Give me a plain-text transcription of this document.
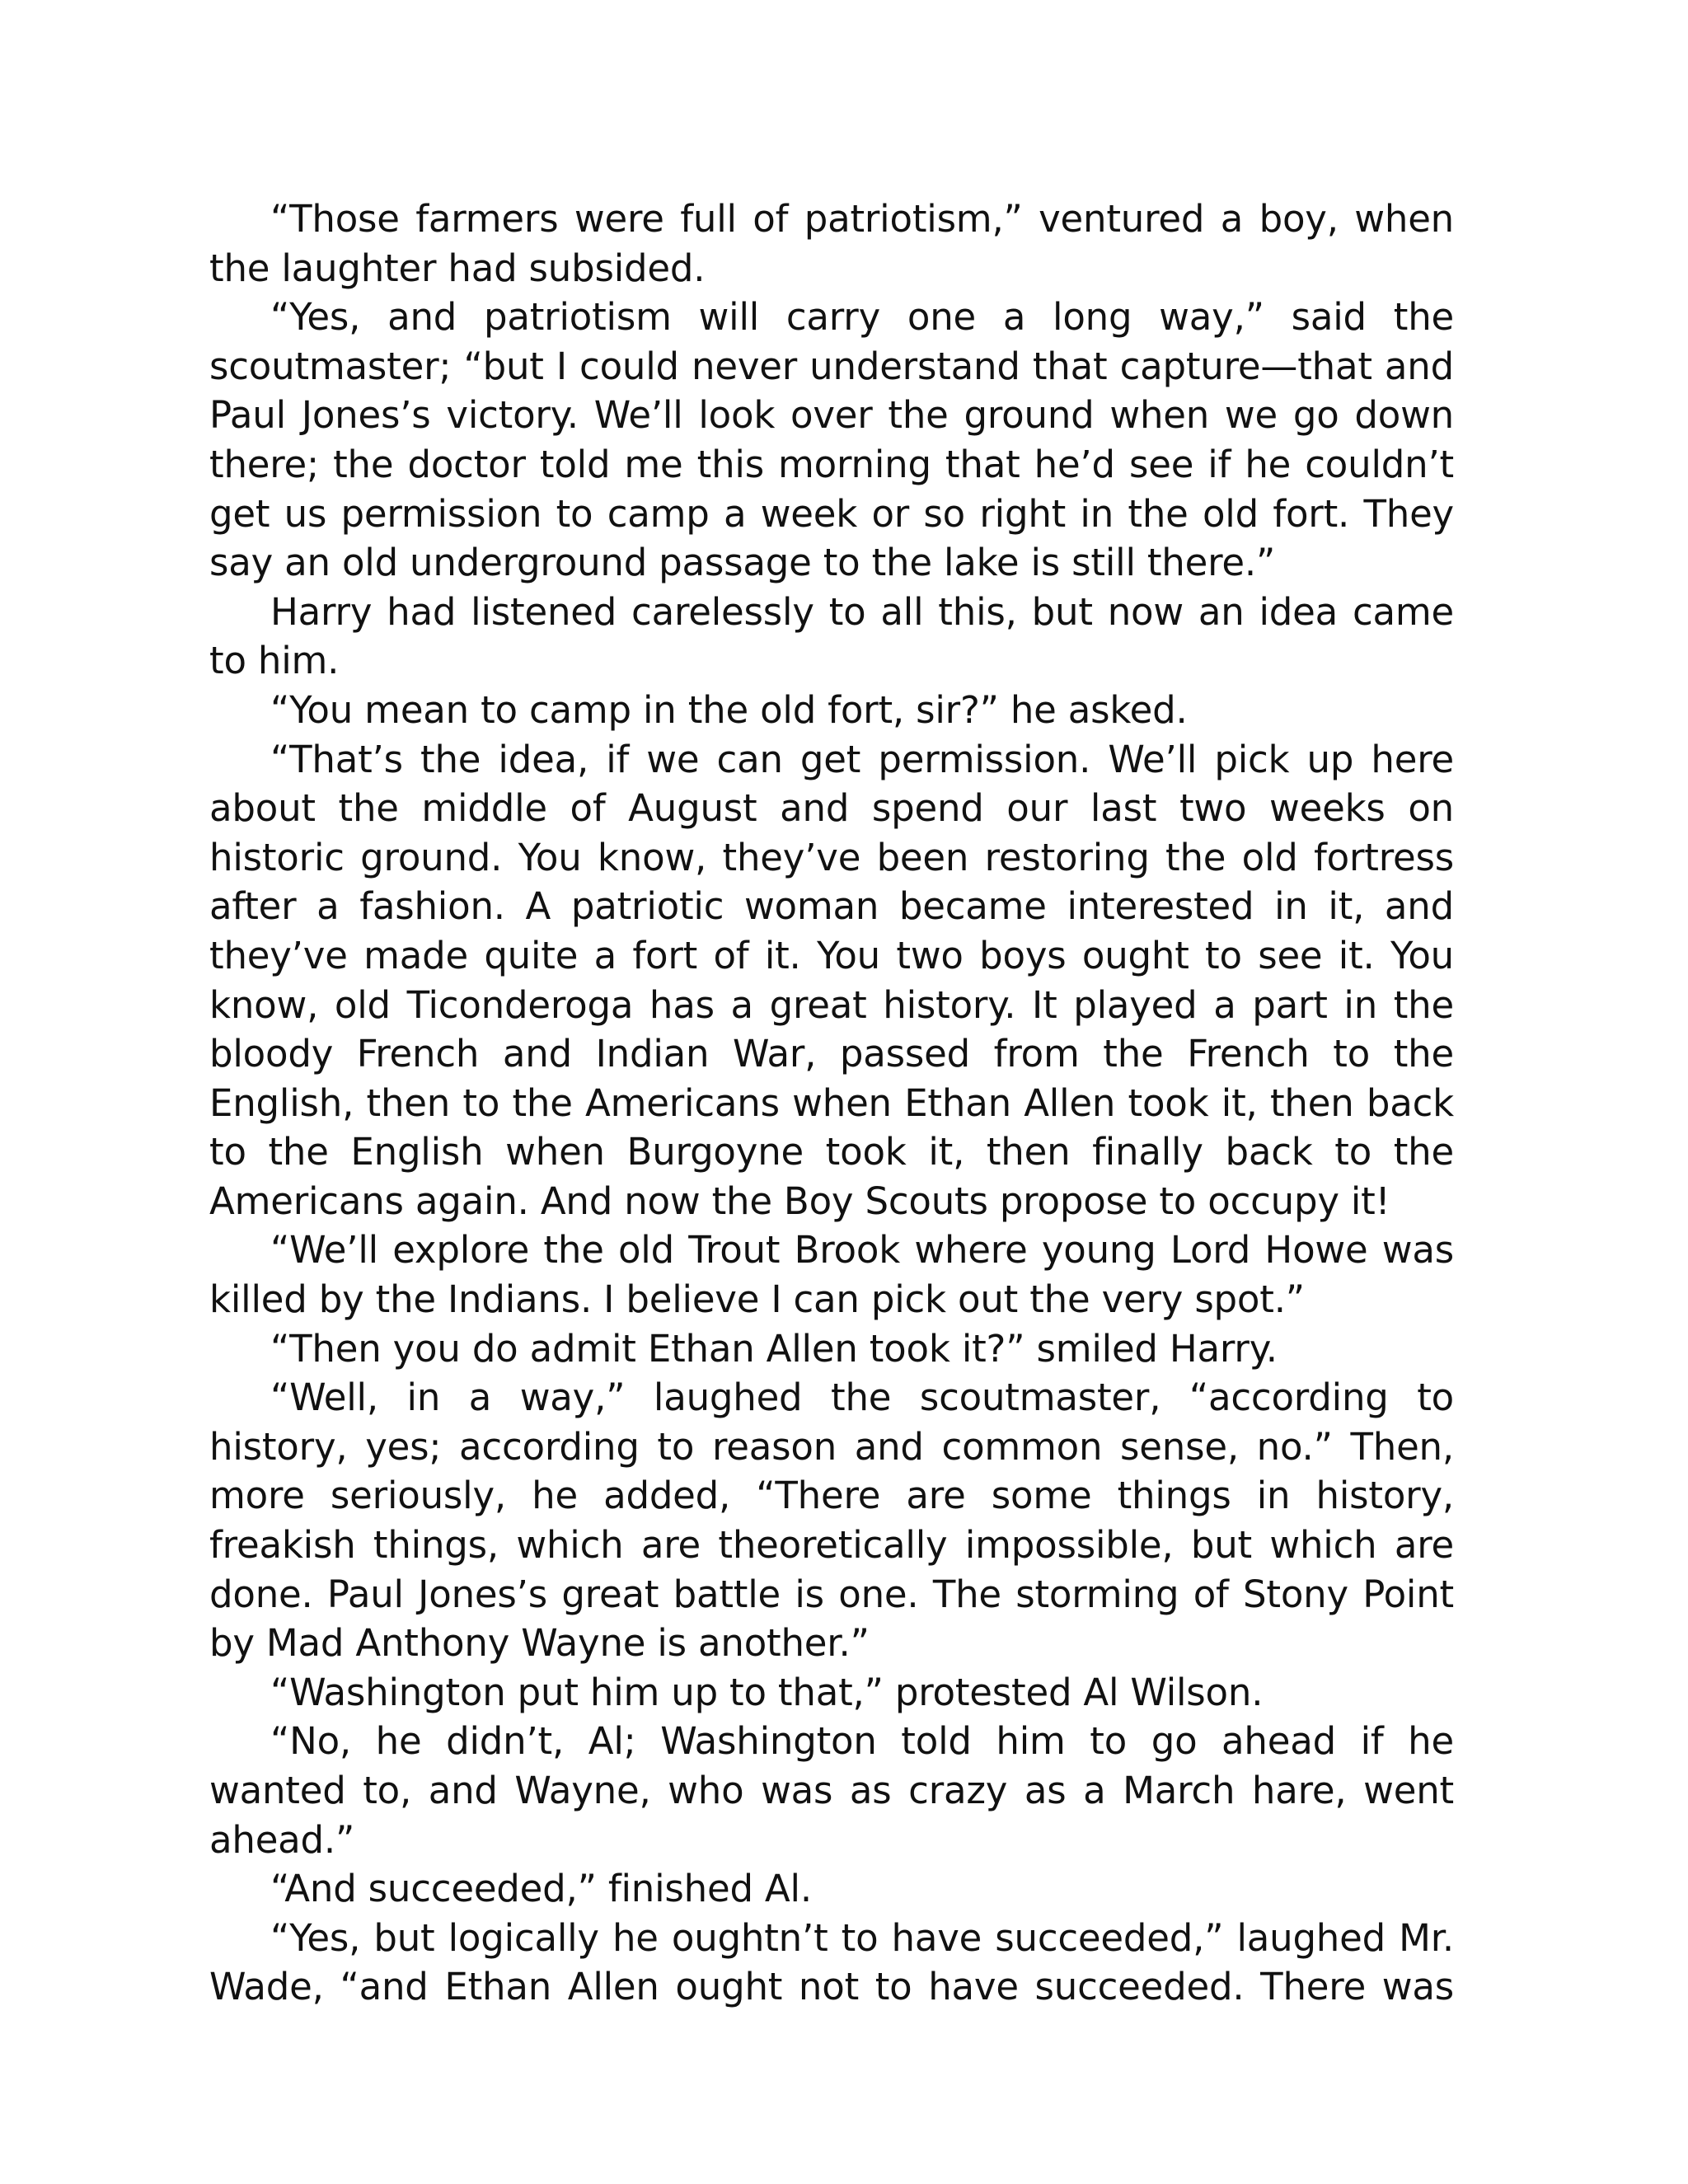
“Those farmers were full of patriotism,” ventured a boy, when the laughter had subsided.

“Yes, and patriotism will carry one a long way,” said the scoutmaster; “but I could never understand that capture—that and Paul Jones’s victory. We’ll look over the ground when we go down there; the doctor told me this morning that he’d see if he couldn’t get us permission to camp a week or so right in the old fort. They say an old underground passage to the lake is still there.”

Harry had listened carelessly to all this, but now an idea came to him.

“You mean to camp in the old fort, sir?” he asked.

“That’s the idea, if we can get permission. We’ll pick up here about the middle of August and spend our last two weeks on historic ground. You know, they’ve been restoring the old fortress after a fashion. A patriotic woman became interested in it, and they’ve made quite a fort of it. You two boys ought to see it. You know, old Ticonderoga has a great history. It played a part in the bloody French and Indian War, passed from the French to the English, then to the Americans when Ethan Allen took it, then back to the English when Burgoyne took it, then finally back to the Americans again. And now the Boy Scouts propose to occupy it!

“We’ll explore the old Trout Brook where young Lord Howe was killed by the Indians. I believe I can pick out the very spot.”

“Then you do admit Ethan Allen took it?” smiled Harry.

“Well, in a way,” laughed the scoutmaster, “according to history, yes; according to reason and common sense, no.” Then, more seriously, he added, “There are some things in history, freakish things, which are theoretically impossible, but which are done. Paul Jones’s great battle is one. The storming of Stony Point by Mad Anthony Wayne is another.”

“Washington put him up to that,” protested Al Wilson.

“No, he didn’t, Al; Washington told him to go ahead if he wanted to, and Wayne, who was as crazy as a March hare, went ahead.”

“And succeeded,” finished Al.

“Yes, but logically he oughtn’t to have succeeded,” laughed Mr. Wade, “and Ethan Allen ought not to have succeeded. There was
